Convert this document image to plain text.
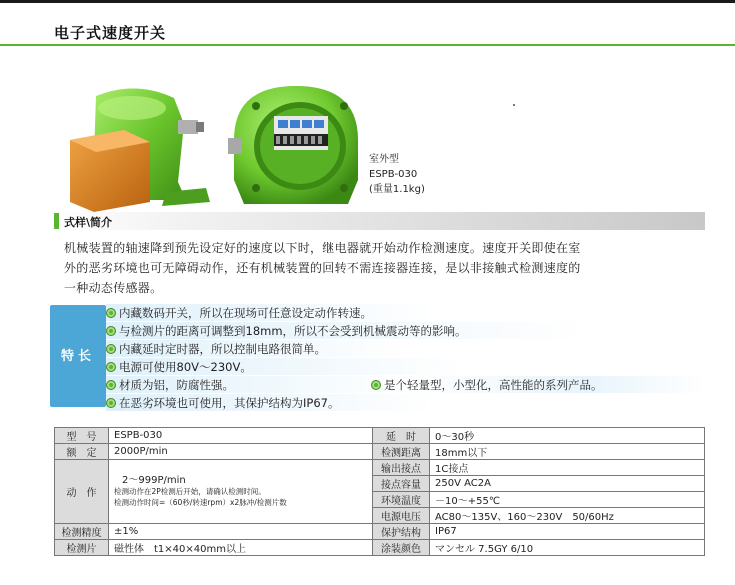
电子式速度开关
室外型
ESPB-030
(重量1.1kg)
式样\简介
机械装置的轴速降到预先设定好的速度以下时，继电器就开始动作检测速度。速度开关即使在室
外的恶劣环境也可无障碍动作，还有机械装置的回转不需连接器连接，是以非接触式检测速度的
一种动态传感器。
特长
内藏数码开关，所以在现场可任意设定动作转速。
与检测片的距离可调整到18mm，所以不会受到机械震动等的影响。
内藏延时定时器，所以控制电路很简单。
电源可使用80V～230V。
材质为铝，防腐性强。	是个轻量型，小型化，高性能的系列产品。
在恶劣环境也可使用，其保护结构为IP67。
型　号	ESPB-030	延　时	0～30秒
额　定	2000P/min	检测距离	18mm以下
动　作	2～999P/min
检测动作在2P检测后开始，请确认检测时间。
检测动作时间=（60秒/转速rpm）x2脉冲/检测片数	输出接点	1C接点
		接点容量	250V AC2A
		环境温度	－10～+55℃
		电源电压	AC80～135V、160～230V　50/60Hz
检测精度	±1%	保护结构	IP67
检测片	磁性体　t1×40×40mm以上	涂装颜色	マンセル 7.5GY 6/10
